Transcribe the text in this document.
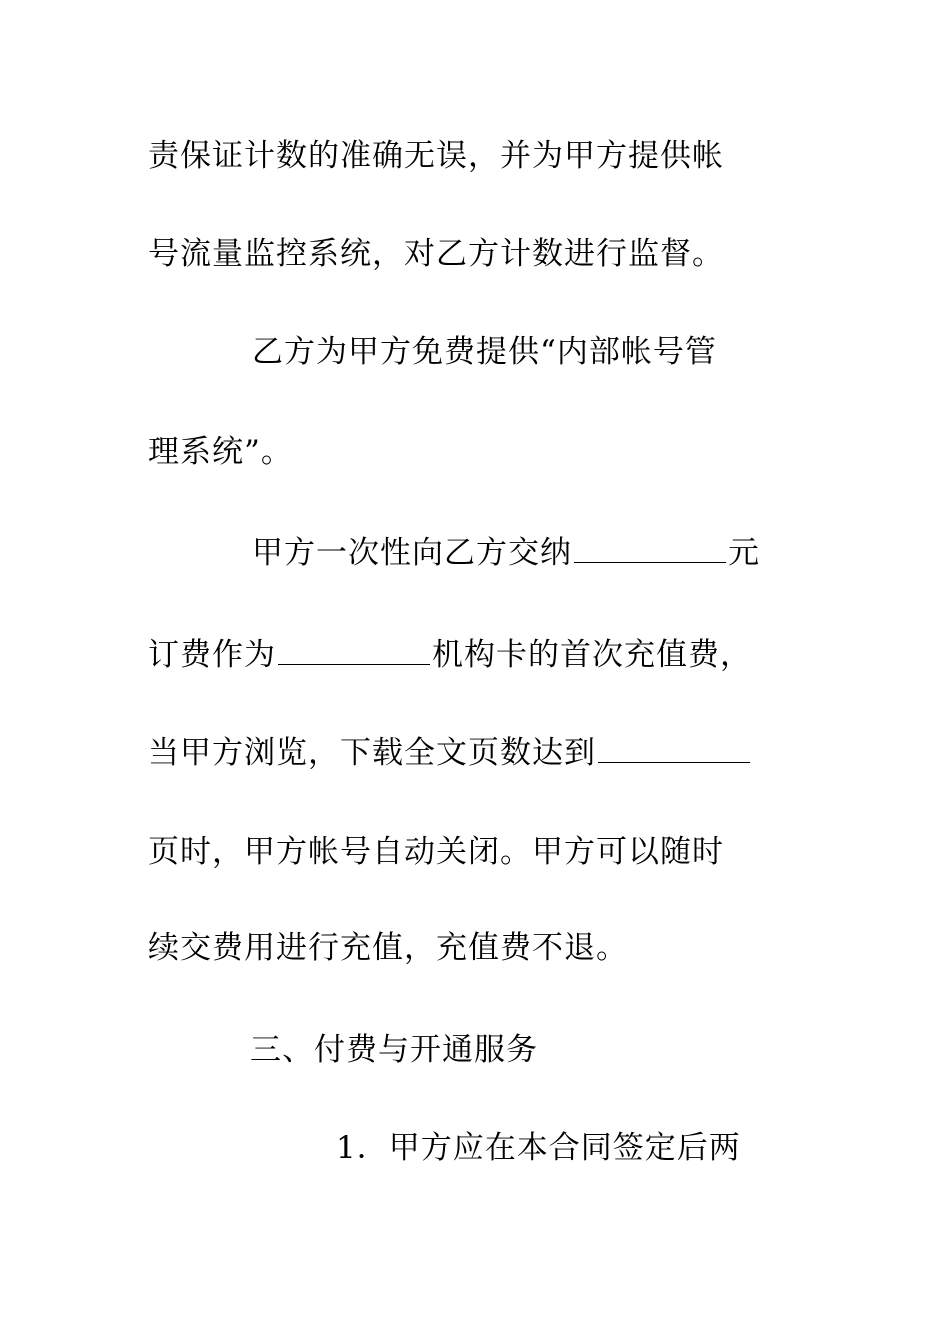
责保证计数的准确无误，并为甲方提供帐
号流量监控系统，对乙方计数进行监督。
乙方为甲方免费提供“内部帐号管
理系统”。
甲方一次性向乙方交纳	元
订费作为	机构卡的首次充值费，
当甲方浏览，下载全文页数达到
页时，甲方帐号自动关闭。甲方可以随时
续交费用进行充值，充值费不退。
三、付费与开通服务
1．甲方应在本合同签定后两
